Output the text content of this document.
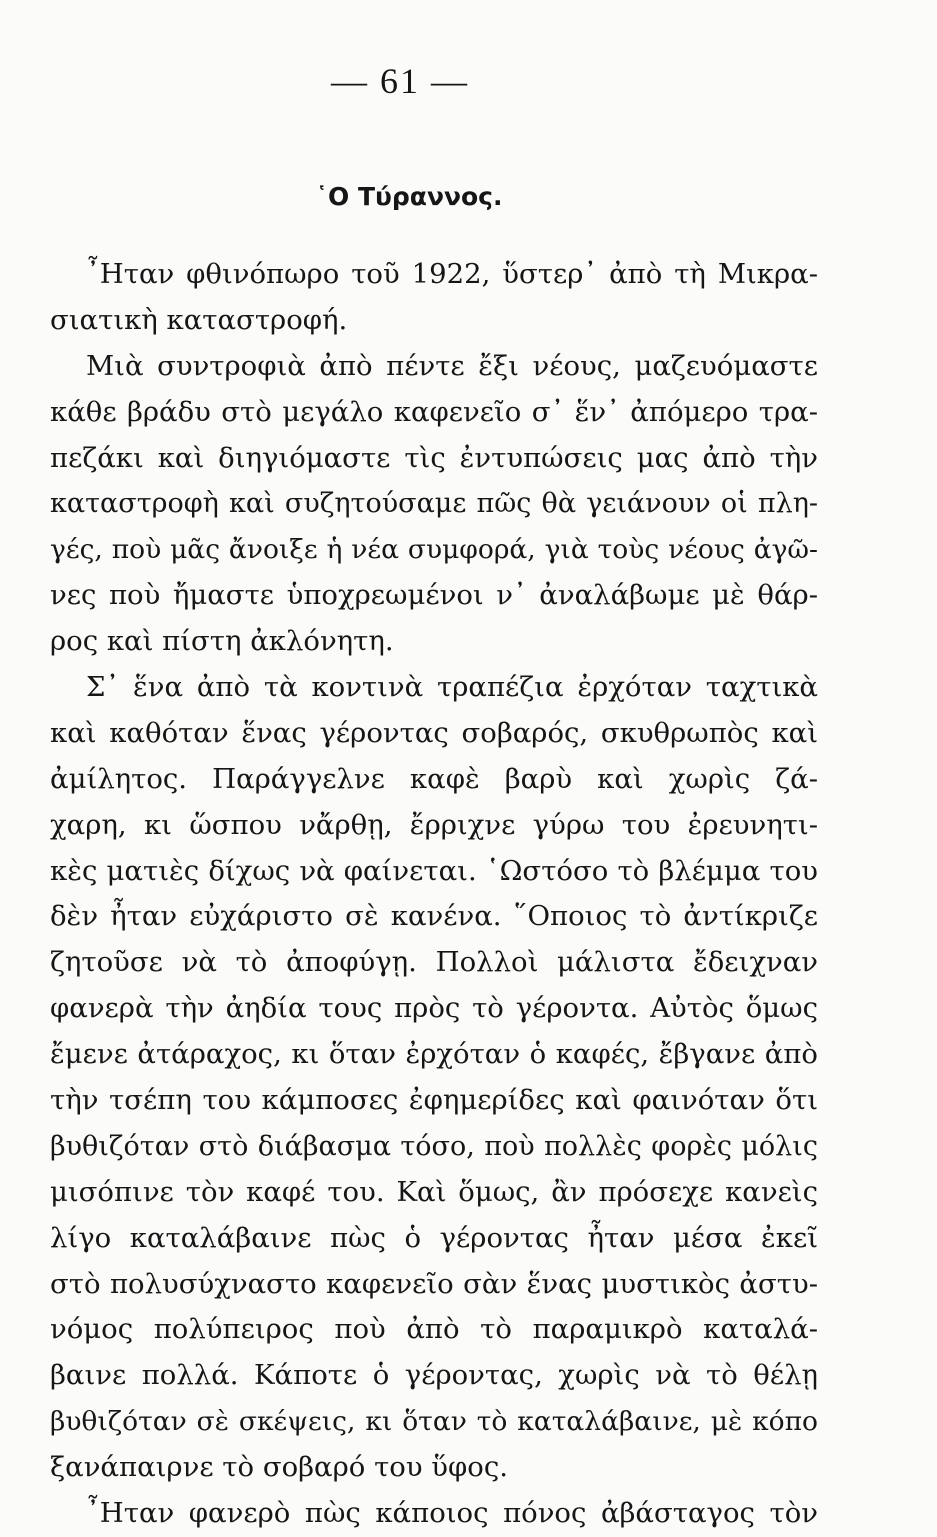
— 61 —
῾Ο Τύραννος.
῏Ηταν φθινόπωρο τοῦ 1922, ὕστερ᾽ ἀπὸ τὴ Μικρα-
σιατικὴ καταστροφή.
Μιὰ συντροφιὰ ἀπὸ πέντε ἔξι νέους, μαζευόμαστε
κάθε βράδυ στὸ μεγάλο καφενεῖο σ᾽ ἕν᾽ ἀπόμερο τρα-
πεζάκι καὶ διηγιόμαστε τὶς ἐντυπώσεις μας ἀπὸ τὴν
καταστροφὴ καὶ συζητούσαμε πῶς θὰ γειάνουν οἱ πλη-
γές, ποὺ μᾶς ἄνοιξε ἡ νέα συμφορά, γιὰ τοὺς νέους ἀγῶ-
νες ποὺ ἤμαστε ὑποχρεωμένοι ν᾽ ἀναλάβωμε μὲ θάρ-
ρος καὶ πίστη ἀκλόνητη.
Σ᾽ ἕνα ἀπὸ τὰ κοντινὰ τραπέζια ἐρχόταν ταχτικὰ
καὶ καθόταν ἕνας γέροντας σοβαρός, σκυθρωπὸς καὶ
ἀμίλητος. Παράγγελνε καφὲ βαρὺ καὶ χωρὶς ζά-
χαρη, κι ὥσπου νἄρθῃ, ἔρριχνε γύρω του ἐρευνητι-
κὲς ματιὲς δίχως νὰ φαίνεται. ῾Ωστόσο τὸ βλέμμα του
δὲν ἦταν εὐχάριστο σὲ κανένα. ῞Οποιος τὸ ἀντίκριζε
ζητοῦσε νὰ τὸ ἀποφύγῃ. Πολλοὶ μάλιστα ἔδειχναν
φανερὰ τὴν ἀηδία τους πρὸς τὸ γέροντα. Αὐτὸς ὅμως
ἔμενε ἀτάραχος, κι ὅταν ἐρχόταν ὁ καφές, ἔβγανε ἀπὸ
τὴν τσέπη του κάμποσες ἐφημερίδες καὶ φαινόταν ὅτι
βυθιζόταν στὸ διάβασμα τόσο, ποὺ πολλὲς φορὲς μόλις
μισόπινε τὸν καφέ του. Καὶ ὅμως, ἂν πρόσεχε κανεὶς
λίγο καταλάβαινε πὼς ὁ γέροντας ἦταν μέσα ἐκεῖ
στὸ πολυσύχναστο καφενεῖο σὰν ἕνας μυστικὸς ἀστυ-
νόμος πολύπειρος ποὺ ἀπὸ τὸ παραμικρὸ καταλά-
βαινε πολλά. Κάποτε ὁ γέροντας, χωρὶς νὰ τὸ θέλῃ
βυθιζόταν σὲ σκέψεις, κι ὅταν τὸ καταλάβαινε, μὲ κόπο
ξανάπαιρνε τὸ σοβαρό του ὕφος.
῏Ηταν φανερὸ πὼς κάποιος πόνος ἀβάσταγος τὸν
